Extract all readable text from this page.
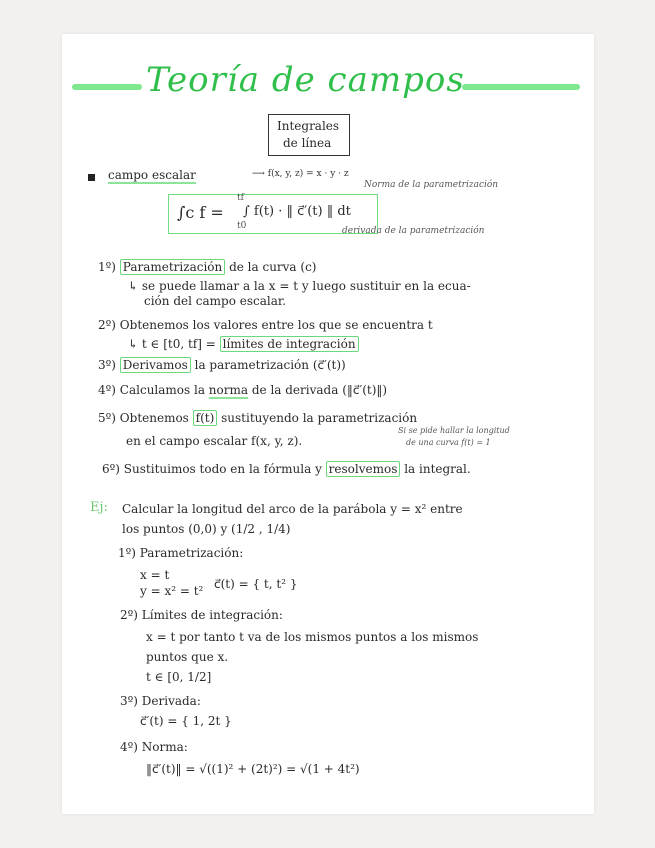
Teoría de campos
Integrales
de línea
campo escalar	⟶ f(x, y, z) = x · y · z
Norma de la parametrización
∫c f =
tf
t0
∫ f(t) · ‖ c⃗′(t) ‖ dt
derivada de la parametrización
1º) Parametrización de la curva (c)
↳ se puede llamar a la x = t y luego sustituir en la ecua-
ción del campo escalar.
2º) Obtenemos los valores entre los que se encuentra t
↳ t ∈ [t0, tf] = límites de integración
3º) Derivamos la parametrización (c⃗′(t))
4º) Calculamos la norma de la derivada (‖c⃗′(t)‖)
5º) Obtenemos f(t) sustituyendo la parametrización
en el campo escalar f(x, y, z).
Si se pide hallar la longitud
de una curva f(t) = 1
6º) Sustituimos todo en la fórmula y resolvemos la integral.
Ej: Calcular la longitud del arco de la parábola y = x² entre
los puntos (0,0) y (1/2 , 1/4)
1º) Parametrización:
x = t
y = x² = t² c⃗(t) = { t, t² }
2º) Límites de integración:
x = t por tanto t va de los mismos puntos a los mismos
puntos que x.
t ∈ [0, 1/2]
3º) Derivada:
c⃗′(t) = { 1, 2t }
4º) Norma:
‖c⃗′(t)‖ = √((1)² + (2t)²) = √(1 + 4t²)
